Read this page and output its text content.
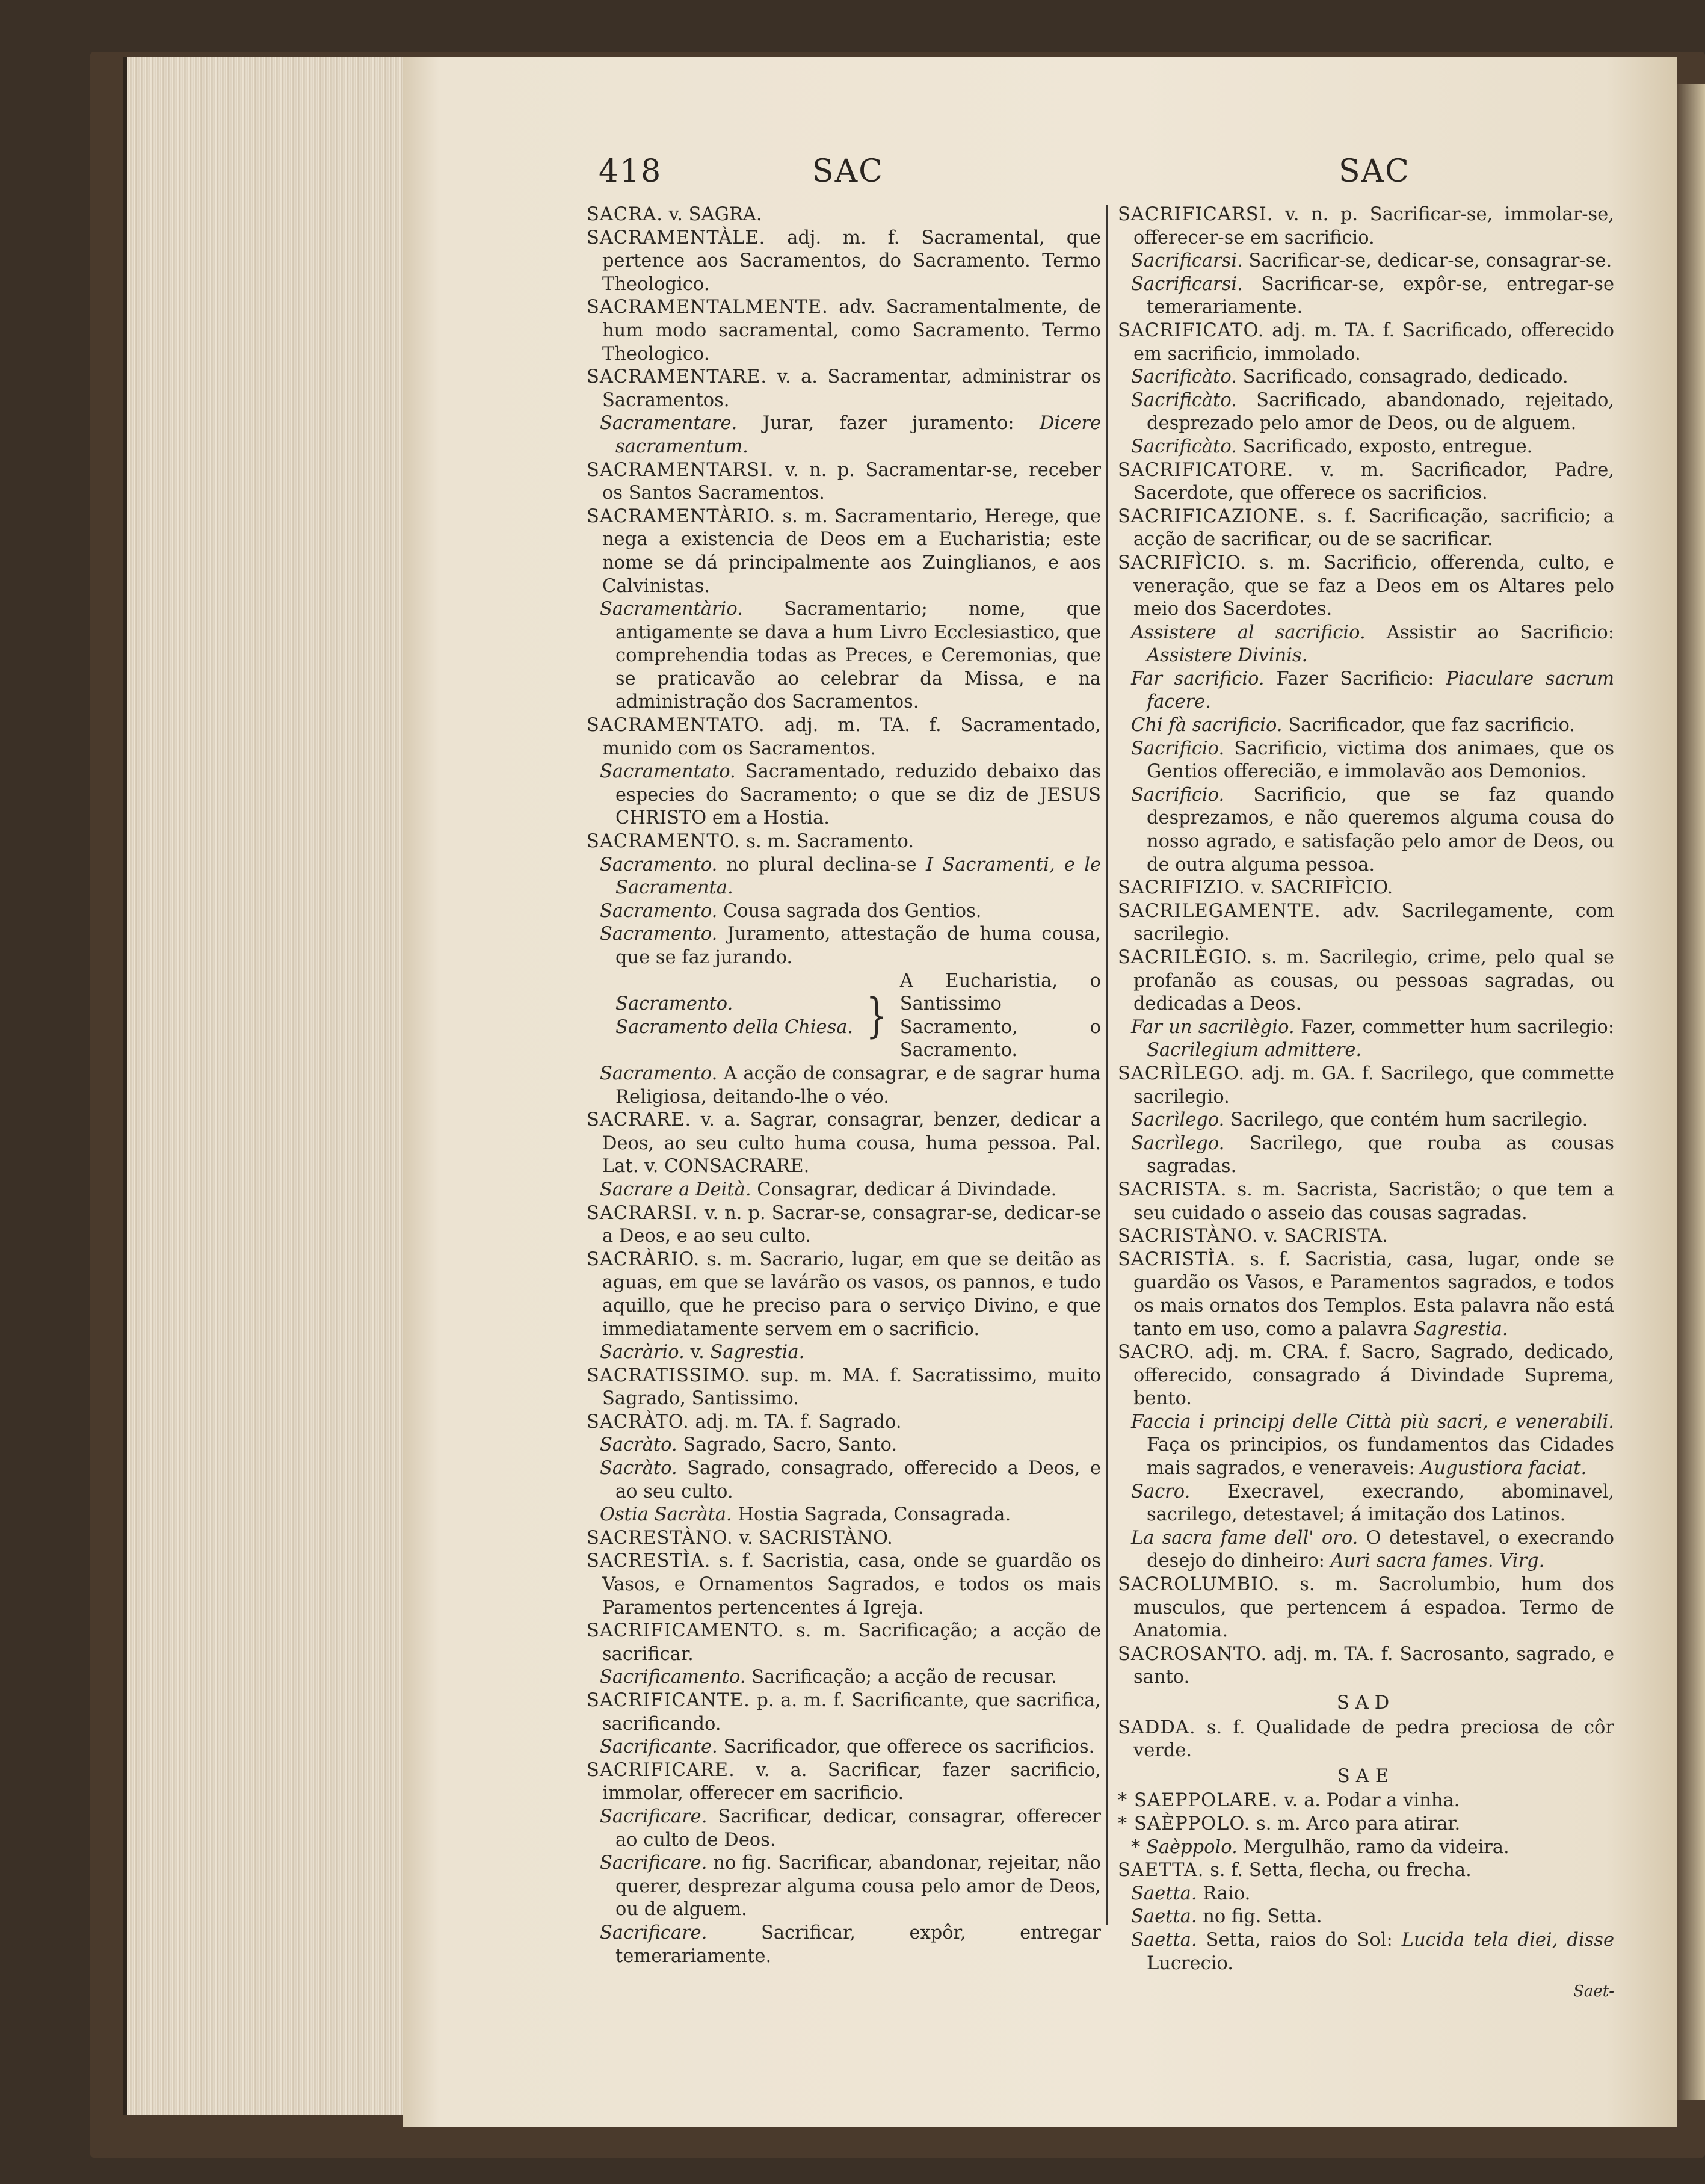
418	SAC	SAC

SACRA. v. SAGRA.

SACRAMENTÀLE. adj. m. f. Sacramental, que pertence aos Sacramentos, do Sacramento. Termo Theologico.

SACRAMENTALMENTE. adv. Sacramentalmente, de hum modo sacramental, como Sacramento. Termo Theologico.

SACRAMENTARE. v. a. Sacramentar, administrar os Sacramentos.

Sacramentare. Jurar, fazer juramento: Dicere sacramentum.

SACRAMENTARSI. v. n. p. Sacramentar-se, receber os Santos Sacramentos.

SACRAMENTÀRIO. s. m. Sacramentario, Herege, que nega a existencia de Deos em a Eucharistia; este nome se dá principalmente aos Zuinglianos, e aos Calvinistas.

Sacramentàrio. Sacramentario; nome, que antigamente se dava a hum Livro Ecclesiastico, que comprehendia todas as Preces, e Ceremonias, que se praticavão ao celebrar da Missa, e na administração dos Sacramentos.

SACRAMENTATO. adj. m. TA. f. Sacramentado, munido com os Sacramentos.

Sacramentato. Sacramentado, reduzido debaixo das especies do Sacramento; o que se diz de JESUS CHRISTO em a Hostia.

SACRAMENTO. s. m. Sacramento.

Sacramento. no plural declina-se I Sacramenti, e le Sacramenta.

Sacramento. Cousa sagrada dos Gentios.

Sacramento. Juramento, attestação de huma cousa, que se faz jurando.

Sacramento.
Sacramento della Chiesa. }
A Eucharistia, o Santissimo Sacramento, o Sacramento.

Sacramento. A acção de consagrar, e de sagrar huma Religiosa, deitando-lhe o véo.

SACRARE. v. a. Sagrar, consagrar, benzer, dedicar a Deos, ao seu culto huma cousa, huma pessoa. Pal. Lat. v. CONSACRARE.

Sacrare a Deità. Consagrar, dedicar á Divindade.

SACRARSI. v. n. p. Sacrar-se, consagrar-se, dedicar-se a Deos, e ao seu culto.

SACRÀRIO. s. m. Sacrario, lugar, em que se deitão as aguas, em que se lavárão os vasos, os pannos, e tudo aquillo, que he preciso para o serviço Divino, e que immediatamente servem em o sacrificio.

Sacràrio. v. Sagrestia.

SACRATISSIMO. sup. m. MA. f. Sacratissimo, muito Sagrado, Santissimo.

SACRÀTO. adj. m. TA. f. Sagrado.

Sacràto. Sagrado, Sacro, Santo.

Sacràto. Sagrado, consagrado, offerecido a Deos, e ao seu culto.

Ostia Sacràta. Hostia Sagrada, Consagrada.

SACRESTÀNO. v. SACRISTÀNO.

SACRESTÌA. s. f. Sacristia, casa, onde se guardão os Vasos, e Ornamentos Sagrados, e todos os mais Paramentos pertencentes á Igreja.

SACRIFICAMENTO. s. m. Sacrificação; a acção de sacrificar.

Sacrificamento. Sacrificação; a acção de recusar.

SACRIFICANTE. p. a. m. f. Sacrificante, que sacrifica, sacrificando.

Sacrificante. Sacrificador, que offerece os sacrificios.

SACRIFICARE. v. a. Sacrificar, fazer sacrificio, immolar, offerecer em sacrificio.

Sacrificare. Sacrificar, dedicar, consagrar, offerecer ao culto de Deos.

Sacrificare. no fig. Sacrificar, abandonar, rejeitar, não querer, desprezar alguma cousa pelo amor de Deos, ou de alguem.

Sacrificare.	Sacrificar, expôr, entregar temerariamente.

SACRIFICARSI. v. n. p. Sacrificar-se, immolar-se, offerecer-se em sacrificio.

Sacrificarsi. Sacrificar-se, dedicar-se, consagrar-se.

Sacrificarsi. Sacrificar-se, expôr-se, entregar-se temerariamente.

SACRIFICATO. adj. m. TA. f. Sacrificado, offerecido em sacrificio, immolado.

Sacrificàto. Sacrificado, consagrado, dedicado.

Sacrificàto. Sacrificado, abandonado, rejeitado, desprezado pelo amor de Deos, ou de alguem.

Sacrificàto. Sacrificado, exposto, entregue.

SACRIFICATORE. v. m. Sacrificador, Padre, Sacerdote, que offerece os sacrificios.

SACRIFICAZIONE. s. f. Sacrificação, sacrificio; a acção de sacrificar, ou de se sacrificar.

SACRIFÌCIO. s. m. Sacrificio, offerenda, culto, e veneração, que se faz a Deos em os Altares pelo meio dos Sacerdotes.

Assistere al sacrificio. Assistir ao Sacrificio: Assistere Divinis.

Far sacrificio. Fazer Sacrificio: Piaculare sacrum facere.

Chi fà sacrificio. Sacrificador, que faz sacrificio.

Sacrificio. Sacrificio, victima dos animaes, que os Gentios offerecião, e immolavão aos Demonios.

Sacrificio. Sacrificio, que se faz quando desprezamos, e não queremos alguma cousa do nosso agrado, e satisfação pelo amor de Deos, ou de outra alguma pessoa.

SACRIFIZIO. v. SACRIFÌCIO.

SACRILEGAMENTE. adv. Sacrilegamente, com sacrilegio.

SACRILÈGIO. s. m. Sacrilegio, crime, pelo qual se profanão as cousas, ou pessoas sagradas, ou dedicadas a Deos.

Far un sacrilègio. Fazer, commetter hum sacrilegio: Sacrilegium admittere.

SACRÌLEGO. adj. m. GA. f. Sacrilego, que commette sacrilegio.

Sacrìlego. Sacrilego, que contém hum sacrilegio.

Sacrìlego. Sacrilego, que rouba as cousas sagradas.

SACRISTA. s. m. Sacrista, Sacristão; o que tem a seu cuidado o asseio das cousas sagradas.

SACRISTÀNO. v. SACRISTA.

SACRISTÌA. s. f. Sacristia, casa, lugar, onde se guardão os Vasos, e Paramentos sagrados, e todos os mais ornatos dos Templos. Esta palavra não está tanto em uso, como a palavra Sagrestia.

SACRO. adj. m. CRA. f. Sacro, Sagrado, dedicado, offerecido, consagrado á Divindade Suprema, bento.

Faccia i principj delle Città più sacri, e venerabili. Faça os principios, os fundamentos das Cidades mais sagrados, e veneraveis: Augustiora faciat.

Sacro. Execravel, execrando, abominavel, sacrilego, detestavel; á imitação dos Latinos.

La sacra fame dell' oro. O detestavel, o execrando desejo do dinheiro: Auri sacra fames. Virg.

SACROLUMBIO. s. m. Sacrolumbio, hum dos musculos, que pertencem á espadoa. Termo de Anatomia.

SACROSANTO. adj. m. TA. f. Sacrosanto, sagrado, e santo.

SAD

SADDA. s. f. Qualidade de pedra preciosa de côr verde.

SAE

* SAEPPOLARE. v. a. Podar a vinha.

* SAÈPPOLO. s. m. Arco para atirar.

* Saèppolo. Mergulhão, ramo da videira.

SAETTA. s. f. Setta, flecha, ou frecha.

Saetta. Raio.

Saetta. no fig. Setta.

Saetta. Setta, raios do Sol: Lucida tela diei, disse Lucrecio.

Saet-
